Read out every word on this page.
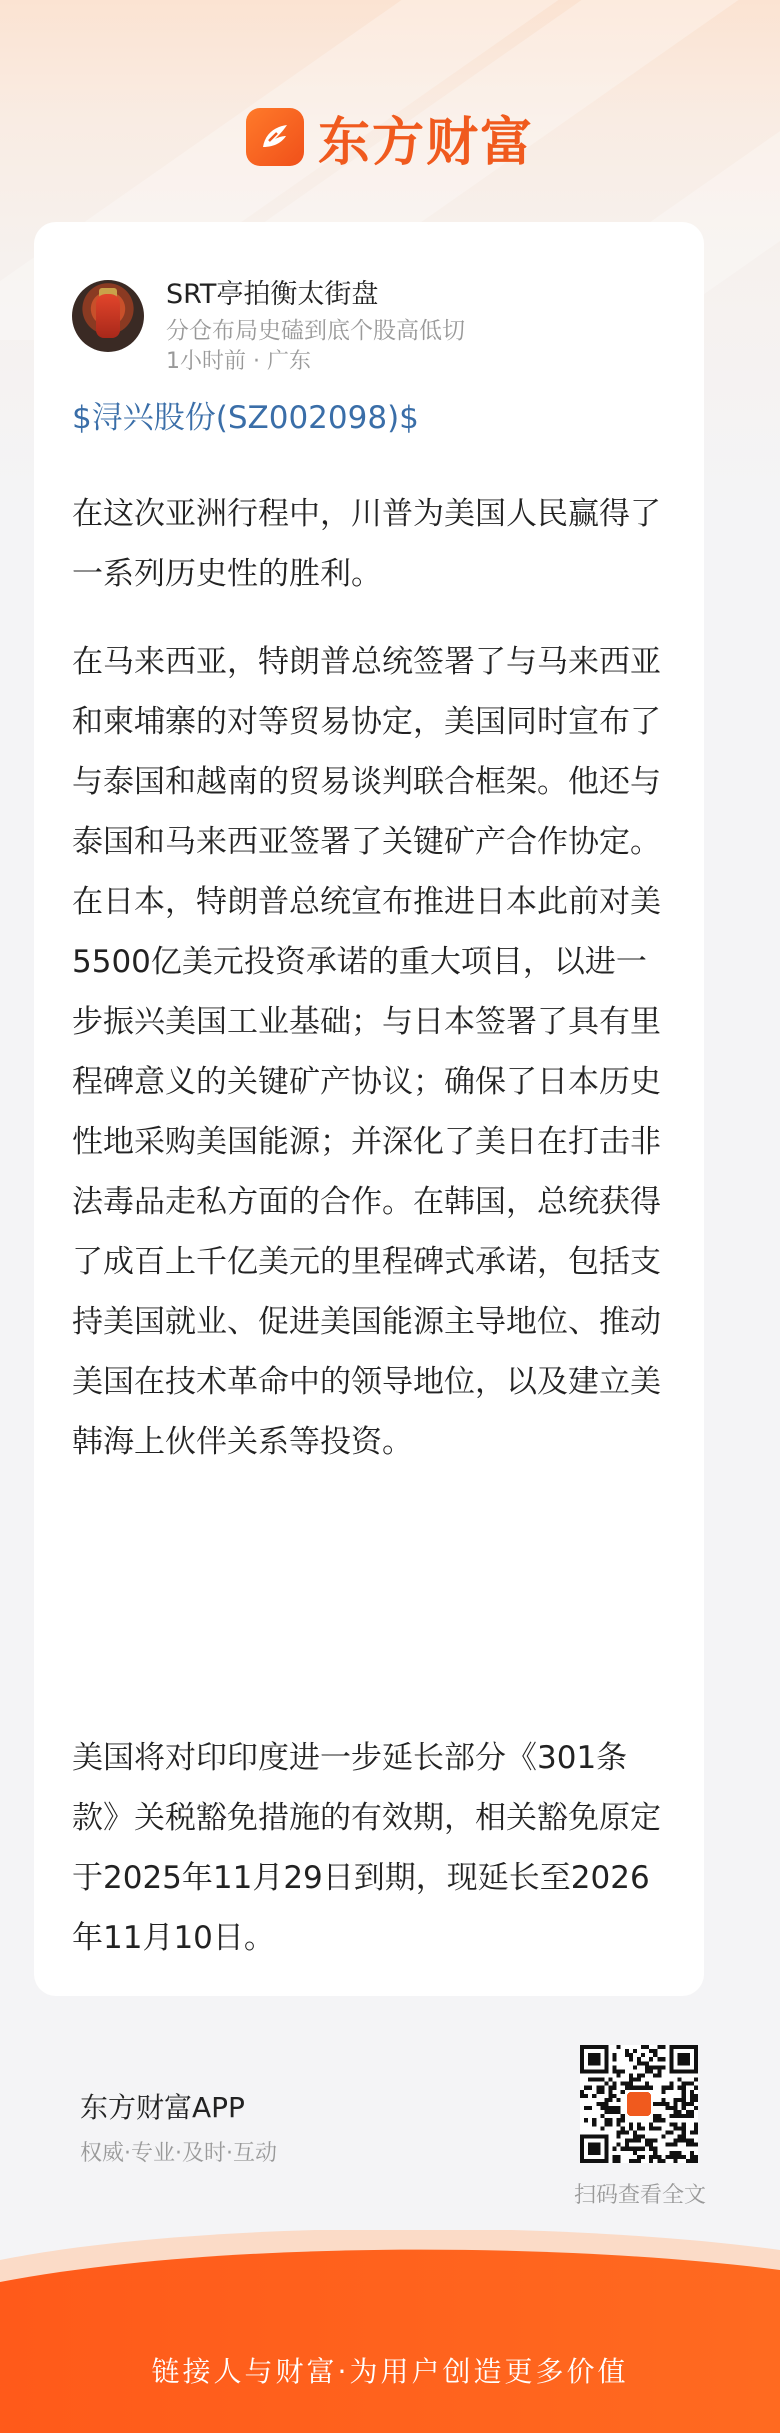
东方财富
SRT亭拍衡太街盘
分仓布局史磕到底个股高低切
1小时前 · 广东
$浔兴股份(SZ002098)$
在这次亚洲行程中，川普为美国人民赢得了一系列历史性的胜利。
在马来西亚，特朗普总统签署了与马来西亚和柬埔寨的对等贸易协定，美国同时宣布了与泰国和越南的贸易谈判联合框架。他还与泰国和马来西亚签署了关键矿产合作协定。在日本，特朗普总统宣布推进日本此前对美5500亿美元投资承诺的重大项目，以进一步振兴美国工业基础；与日本签署了具有里程碑意义的关键矿产协议；确保了日本历史性地采购美国能源；并深化了美日在打击非法毒品走私方面的合作。在韩国，总统获得了成百上千亿美元的里程碑式承诺，包括支持美国就业、促进美国能源主导地位、推动美国在技术革命中的领导地位，以及建立美韩海上伙伴关系等投资。
美国将对印印度进一步延长部分《301条款》关税豁免措施的有效期，相关豁免原定于2025年11月29日到期，现延长至2026年11月10日。
东方财富APP
权威·专业·及时·互动
扫码查看全文
链接人与财富·为用户创造更多价值
